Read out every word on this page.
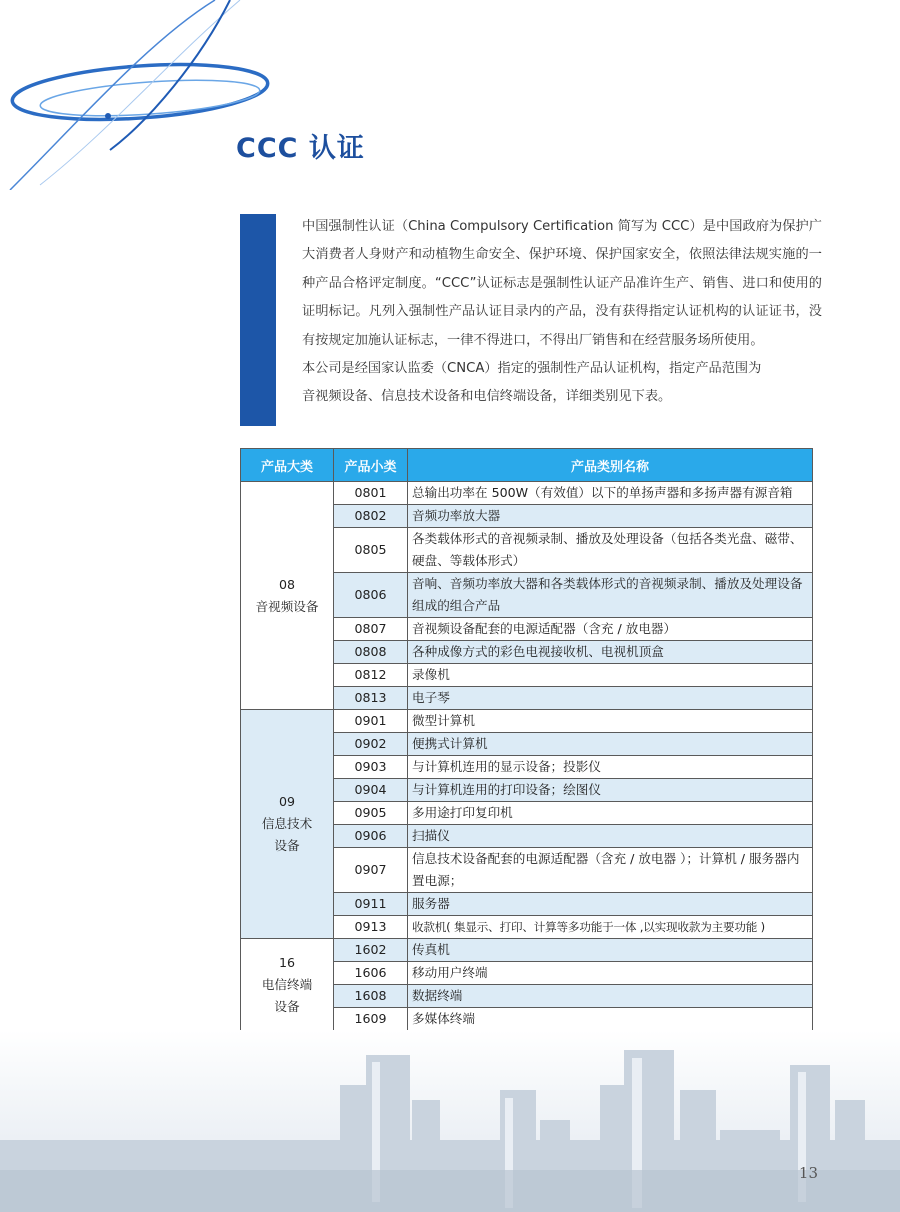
CCC 认证

中国强制性认证（China Compulsory Certification 简写为 CCC）是中国政府为保护广大消费者人身财产和动植物生命安全、保护环境、保护国家安全，依照法律法规实施的一种产品合格评定制度。“CCC”认证标志是强制性认证产品准许生产、销售、进口和使用的证明标记。凡列入强制性产品认证目录内的产品，没有获得指定认证机构的认证证书，没有按规定加施认证标志，一律不得进口，不得出厂销售和在经营服务场所使用。

本公司是经国家认监委（CNCA）指定的强制性产品认证机构，指定产品范围为

音视频设备、信息技术设备和电信终端设备，详细类别见下表。

产品大类	产品小类	产品类别名称

08
音视频设备	0801	总输出功率在 500W（有效值）以下的单扬声器和多扬声器有源音箱
	0802	音频功率放大器
	0805	各类载体形式的音视频录制、播放及处理设备（包括各类光盘、磁带、硬盘、等载体形式）
	0806	音响、音频功率放大器和各类载体形式的音视频录制、播放及处理设备组成的组合产品
	0807	音视频设备配套的电源适配器（含充 / 放电器）
	0808	各种成像方式的彩色电视接收机、电视机顶盒
	0812	录像机
	0813	电子琴

09
信息技术
设备	0901	微型计算机
	0902	便携式计算机
	0903	与计算机连用的显示设备；投影仪
	0904	与计算机连用的打印设备；绘图仪
	0905	多用途打印复印机
	0906	扫描仪
	0907	信息技术设备配套的电源适配器（含充 / 放电器 ）；计算机 / 服务器内置电源；
	0911	服务器
	0913	收款机( 集显示、打印、计算等多功能于一体 ,以实现收款为主要功能 )

16
电信终端
设备	1602	传真机
	1606	移动用户终端
	1608	数据终端
	1609	多媒体终端
13
